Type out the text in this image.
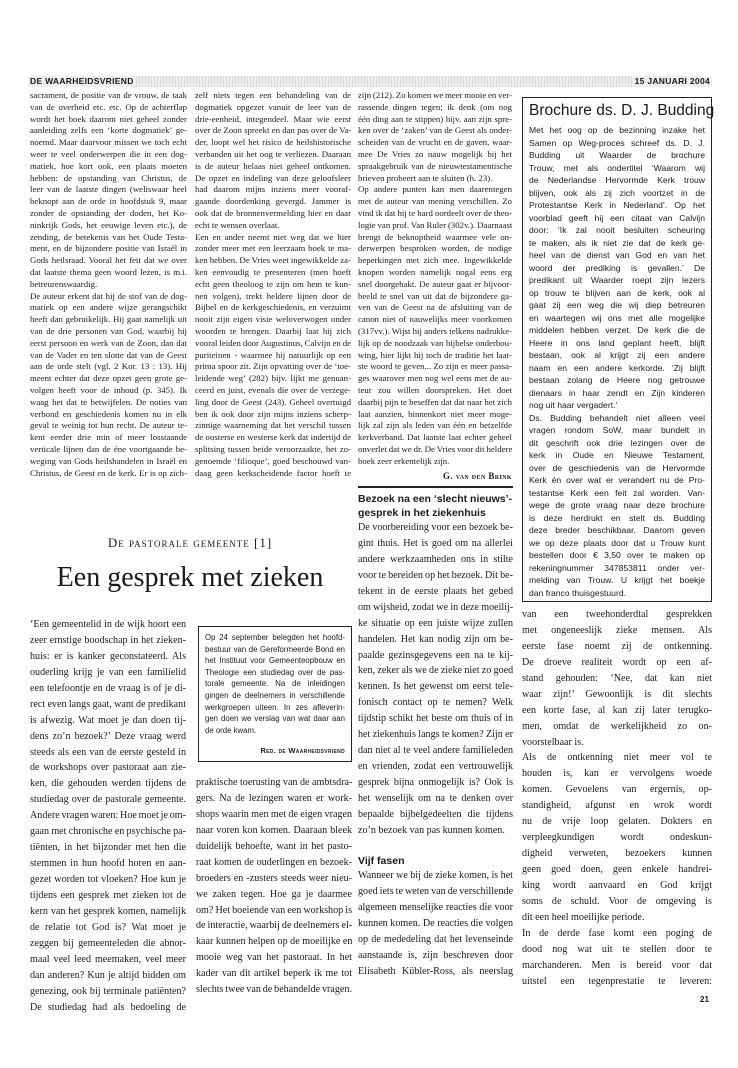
DE WAARHEIDSVRIEND	15 JANUARI 2004
sacrament, de positie van de vrouw, de taak
van de overheid etc. etc. Op de achterflap
wordt het boek daarom niet geheel zonder
aanleiding zelfs een ‘korte dogmatiek’ ge-
noemd. Maar daarvoor missen we toch echt
weer te veel onderwerpen die in een dog-
matiek, hoe kort ook, een plaats moeten
hebben: de opstanding van Christus, de
leer van de laatste dingen (weliswaar heel
beknopt aan de orde in hoofdstuk 9, maar
zonder de opstanding der doden, het Ko-
ninkrijk Gods, het eeuwige leven etc.), de
zending, de betekenis van het Oude Testa-
ment, en de bijzondere positie van Israël in
Gods heilsraad. Vooral het feit dat we over
dat laatste thema geen woord lezen, is m.i.
betreurenswaardig.
De auteur erkent dat hij de stof van de dog-
matiek op een andere wijze gerangschikt
heeft dan gebruikelijk. Hij gaat namelijk uit
van de drie personen van God, waarbij hij
eerst persoon en werk van de Zoon, dan dat
van de Vader en ten slotte dat van de Geest
aan de orde stelt (vgl. 2 Kor. 13 : 13). Hij
meent echter dat deze opzet geen grote ge-
volgen heeft voor de inhoud (p. 345). Ik
waag het dat te betwijfelen. De noties van
verbond en geschiedenis komen nu in elk
geval te weinig tot hun recht. De auteur te-
kent eerder drie min of meer losstaande
verticale lijnen dan de éne voortgaande be-
weging van Gods heilshandelen in Israël en
Christus, de Geest en de kerk. Er is op zich-
zelf niets tegen een behandeling van de
dogmatiek opgezet vanuit de leer van de
drie-eenheid, integendeel. Maar wie eerst
over de Zoon spreekt en dan pas over de Va-
der, loopt wel het risico de heilshistorische
verbanden uit het oog te verliezen. Daaraan
is de auteur helaas niet geheel ontkomen.
De opzet en indeling van deze geloofsleer
had daarom mijns inziens meer vooraf-
gaande doordenking gevergd. Jammer is
ook dat de bronnenvermelding hier en daar
echt te wensen overlaat.
Een en ander neemt niet weg dat we hier
zonder meer met een leerzaam boek te ma-
ken hebben. De Vries weet ingewikkelde za-
ken eenvoudig te presenteren (men hoeft
echt geen theoloog te zijn om hem te kun-
nen volgen), trekt heldere lijnen door de
Bijbel en de kerkgeschiedenis, en verzuimt
nooit zijn eigen visie weloverwogen onder
woorden te brengen. Daarbij laat hij zich
vooral leiden door Augustinus, Calvijn en de
puriteinen - waarmee hij natuurlijk op een
prima spoor zit. Zijn opvatting over de ‘toe-
leidende weg’ (282) bijv. lijkt me genuan-
ceerd en juist, evenals die over de verzege-
ling door de Geest (243). Geheel overtuigd
ben ik ook door zijn mijns inziens scherp-
zinnige waarneming dat het verschil tussen
de oosterse en westerse kerk dat indertijd de
splitsing tussen beide veroorzaakte, het zo-
genoemde ‘filioque’, goed beschouwd van-
daag geen kerkscheidende factor hoeft te
zijn (212). Zo komen we meer mooie en ver-
rassende dingen tegen; ik denk (om nog
één ding aan te stippen) bijv. aan zijn spre-
ken over de ‘zaken’ van de Geest als onder-
scheiden van de vrucht en de gaven, waar-
mee De Vries zo nauw mogelijk bij het
spraakgebruik van de nieuwtestamentische
brieven probeert aan te sluiten (h. 23).
Op andere punten kan men daarentegen
met de auteur van mening verschillen. Zo
vind ik dat hij te hard oordeelt over de theo-
logie van prof. Van Ruler (302v.). Daarnaast
brengt de beknoptheid waarmee vele on-
derwerpen besproken worden, de nodige
beperkingen met zich mee. Ingewikkelde
knopen worden namelijk nogal eens erg
snel doorgehakt. De auteur gaat er bijvoor-
beeld te snel van uit dat de bijzondere ga-
ven van de Geest na de afsluiting van de
canon niet of nauwelijks meer voorkomen
(317vv.). Wijst hij anders telkens nadrukke-
lijk op de noodzaak van bijbelse onderbou-
wing, hier lijkt hij toch de traditie het laat-
ste woord te geven... Zo zijn er meer passa-
ges waarover men nog wel eens met de au-
teur zou willen doorspreken. Het doet
daarbij pijn te beseffen dat dat naar het zich
laat aanzien, binnenkort niet meer moge-
lijk zal zijn als leden van één en hetzelfde
kerkverband. Dat laatste laat echter geheel
onverlet dat we dr. De Vries voor dit heldere
boek zeer erkentelijk zijn.
G. van den Brink
Brochure ds. D. J. Budding
Met het oog op de bezinning inzake het
Samen op Weg-proces schreef ds. D. J.
Budding uit Waarder de brochure
Trouw, met als ondertitel ‘Waarom wij
de Nederlandse Hervormde Kerk trouw
blijven, ook als zij zich voortzet in de
Protestantse Kerk in Nederland’. Op het
voorblad geeft hij een citaat van Calvijn
door: ‘Ik zal nooit besluiten scheuring
te maken, als ik niet zie dat de kerk ge-
heel van de dienst van God en van het
woord der prediking is gevallen.’ De
predikant uit Waarder roept zijn lezers
op trouw te blijven aan de kerk, ook al
gaat zij een weg die wij diep betreuren
en waartegen wij ons met alle mogelijke
middelen hebben verzet. De kerk die de
Heere in ons land geplant heeft, blijft
bestaan, ook al krijgt zij een andere
naam en een andere kerkorde. ‘Zij blijft
bestaan zolang de Heere nog getrouwe
dienaars in haar zendt en Zijn kinderen
nog uit haar vergadert.’
Ds. Budding behandelt niet alleen veel
vragen rondom SoW, maar bundelt in
dit geschrift ook drie lezingen over de
kerk in Oude en Nieuwe Testament,
over de geschiedenis van de Hervormde
Kerk én over wat er verandert nu de Pro-
testantse Kerk een feit zal worden. Van-
wege de grote vraag naar deze brochure
is deze herdrukt en stelt ds. Budding
deze breder beschikbaar. Daarom geven
we op deze plaats door dat u Trouw kunt
bestellen door € 3,50 over te maken op
rekeningnummer 347853811 onder ver-
melding van Trouw. U krijgt het boekje
dan franco thuisgestuurd.
De pastorale gemeente [1]
Een gesprek met zieken
Op 24 september belegden het hoofd-
bestuur van de Gereformeerde Bond en
het Instituut voor Gemeenteopbouw en
Theologie een studiedag over de pas-
torale gemeente. Na de inleidingen
gingen de deelnemers in verschillende
werkgroepen uiteen. In zes afleverin-
gen doen we verslag van wat daar aan
de orde kwam.
Red. de Waarheidsvriend
‘Een gemeentelid in de wijk hoort een
zeer ernstige boodschap in het zieken-
huis: er is kanker geconstateerd. Als
ouderling krijg je van een familielid
een telefoontje en de vraag is of je di-
rect even langs gaat, want de predikant
is afwezig. Wat moet je dan doen tij-
dens zo’n bezoek?’ Deze vraag werd
steeds als een van de eerste gesteld in
de workshops over pastoraat aan zie-
ken, die gehouden werden tijdens de
studiedag over de pastorale gemeente.
Andere vragen waren: Hoe moet je om-
gaan met chronische en psychische pa-
tiënten, in het bijzonder met hen die
stemmen in hun hoofd horen en aan-
gezet worden tot vloeken? Hoe kun je
tijdens een gesprek met zieken tot de
kern van het gesprek komen, namelijk
de relatie tot God is? Wat moet je
zeggen bij gemeenteleden die abnor-
maal veel leed meemaken, veel meer
dan anderen? Kun je altijd bidden om
genezing, ook bij terminale patiënten?
De studiedag had als bedoeling de
praktische toerusting van de ambtsdra-
gers. Na de lezingen waren er work-
shops waarin men met de eigen vragen
naar voren kon komen. Daaraan bleek
duidelijk behoefte, want in het pasto-
raat komen de ouderlingen en bezoek-
broeders en -zusters steeds weer nieu-
we zaken tegen. Hoe ga je daarmee
om? Het boeiende van een workshop is
de interactie, waarbij de deelnemers el-
kaar kunnen helpen op de moeilijke en
mooie weg van het pastoraat. In het
kader van dit artikel beperk ik me tot
slechts twee van de behandelde vragen.
Bezoek na een ‘slecht nieuws’-
gesprek in het ziekenhuis
De voorbereiding voor een bezoek be-
gint thuis. Het is goed om na allerlei
andere werkzaamheden ons in stilte
voor te bereiden op het bezoek. Dit be-
tekent in de eerste plaats het gebed
om wijsheid, zodat we in deze moeilij-
ke situatie op een juiste wijze zullen
handelen. Het kan nodig zijn om be-
paalde gezinsgegevens een na te kij-
ken, zeker als we de zieke niet zo goed
kennen. Is het gewenst om eerst tele-
fonisch contact op te nemen? Welk
tijdstip schikt het beste om thuis of in
het ziekenhuis langs te komen? Zijn er
dan niet al te veel andere familieleden
en vrienden, zodat een vertrouwelijk
gesprek bijna onmogelijk is? Ook is
het wenselijk om na te denken over
bepaalde bijbelgedeelten die tijdens
zo’n bezoek van pas kunnen komen.
Vijf fasen
Wanneer we bij de zieke komen, is het
goed iets te weten van de verschillende
algemeen menselijke reacties die voor
kunnen komen. De reacties die volgen
op de mededeling dat het levenseinde
aanstaande is, zijn beschreven door
Elisabeth Kübler-Ross, als neerslag
van een tweehonderdtal gesprekken
met ongeneeslijk zieke mensen. Als
eerste fase noemt zij de ontkenning.
De droeve realiteit wordt op een af-
stand gehouden: ‘Nee, dat kan niet
waar zijn!’ Gewoonlijk is dit slechts
een korte fase, al kan zij later terugko-
men, omdat de werkelijkheid zo on-
voorstelbaar is.
Als de ontkenning niet meer vol te
houden is, kan er vervolgens woede
komen. Gevoelens van ergernis, op-
standigheid, afgunst en wrok wordt
nu de vrije loop gelaten. Dokters en
verpleegkundigen wordt ondeskun-
digheid verweten, bezoekers kunnen
geen goed doen, geen enkele handrei-
king wordt aanvaard en God krijgt
soms de schuld. Voor de omgeving is
dit een heel moeilijke periode.
In de derde fase komt een poging de
dood nog wat uit te stellen door te
marchanderen. Men is bereid voor dat
uitstel een tegenprestatie te leveren:
21
